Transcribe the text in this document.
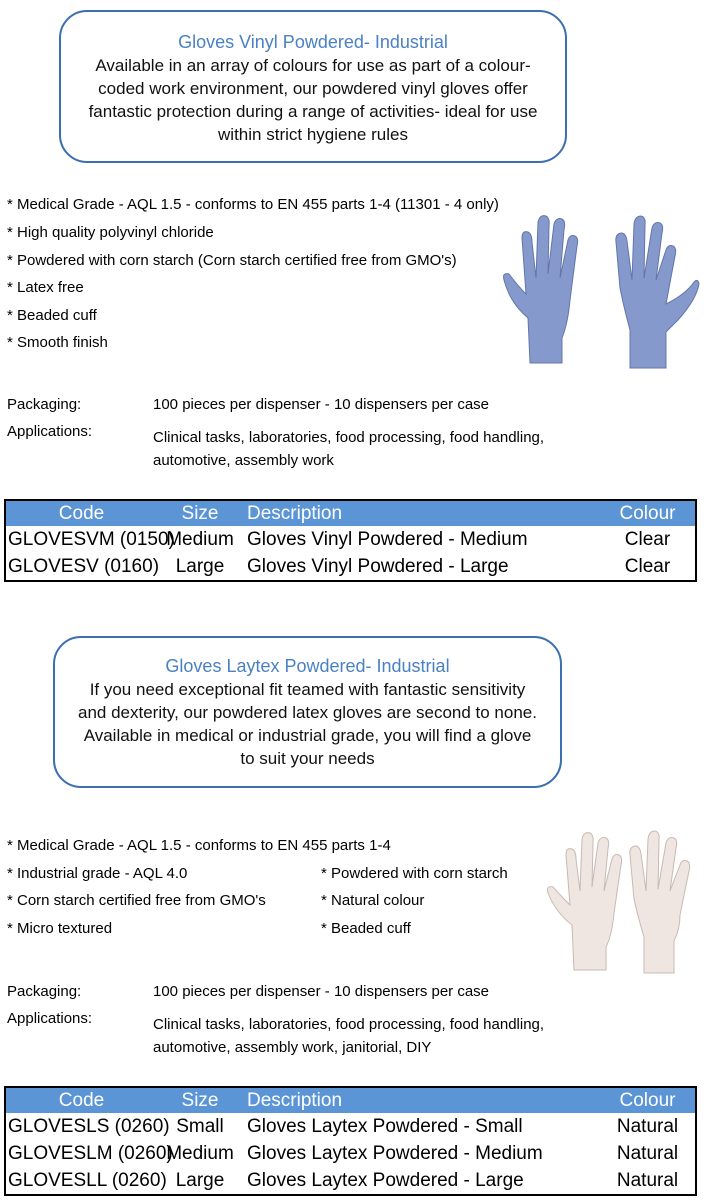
Gloves Vinyl Powdered- Industrial
Available in an array of colours for use as part of a colour-coded work environment, our powdered vinyl gloves offer fantastic protection during a range of activities- ideal for use within strict hygiene rules
* Medical Grade - AQL 1.5 - conforms to EN 455 parts 1-4 (11301 - 4 only)
* High quality polyvinyl chloride
* Powdered with corn starch (Corn starch certified free from GMO's)
* Latex free
* Beaded cuff
* Smooth finish
Packaging:	100 pieces per dispenser - 10 dispensers per case
Applications:	Clinical tasks, laboratories, food processing, food handling,
automotive, assembly work
Code	Size	Description	Colour
GLOVESVM (0150)	Medium	Gloves Vinyl Powdered - Medium	Clear
GLOVESV (0160)	Large	Gloves Vinyl Powdered - Large	Clear
Gloves Laytex Powdered- Industrial
If you need exceptional fit teamed with fantastic sensitivity and dexterity, our powdered latex gloves are second to none. Available in medical or industrial grade, you will find a glove to suit your needs
* Medical Grade - AQL 1.5 - conforms to EN 455 parts 1-4
* Industrial grade - AQL 4.0
* Corn starch certified free from GMO's
* Micro textured
* Powdered with corn starch
* Natural colour
* Beaded cuff
Packaging:	100 pieces per dispenser - 10 dispensers per case
Applications:	Clinical tasks, laboratories, food processing, food handling,
automotive, assembly work, janitorial, DIY
Code	Size	Description	Colour
GLOVESLS (0260)	Small	Gloves Laytex Powdered - Small	Natural
GLOVESLM (0260)	Medium	Gloves Laytex Powdered - Medium	Natural
GLOVESLL (0260)	Large	Gloves Laytex Powdered - Large	Natural
